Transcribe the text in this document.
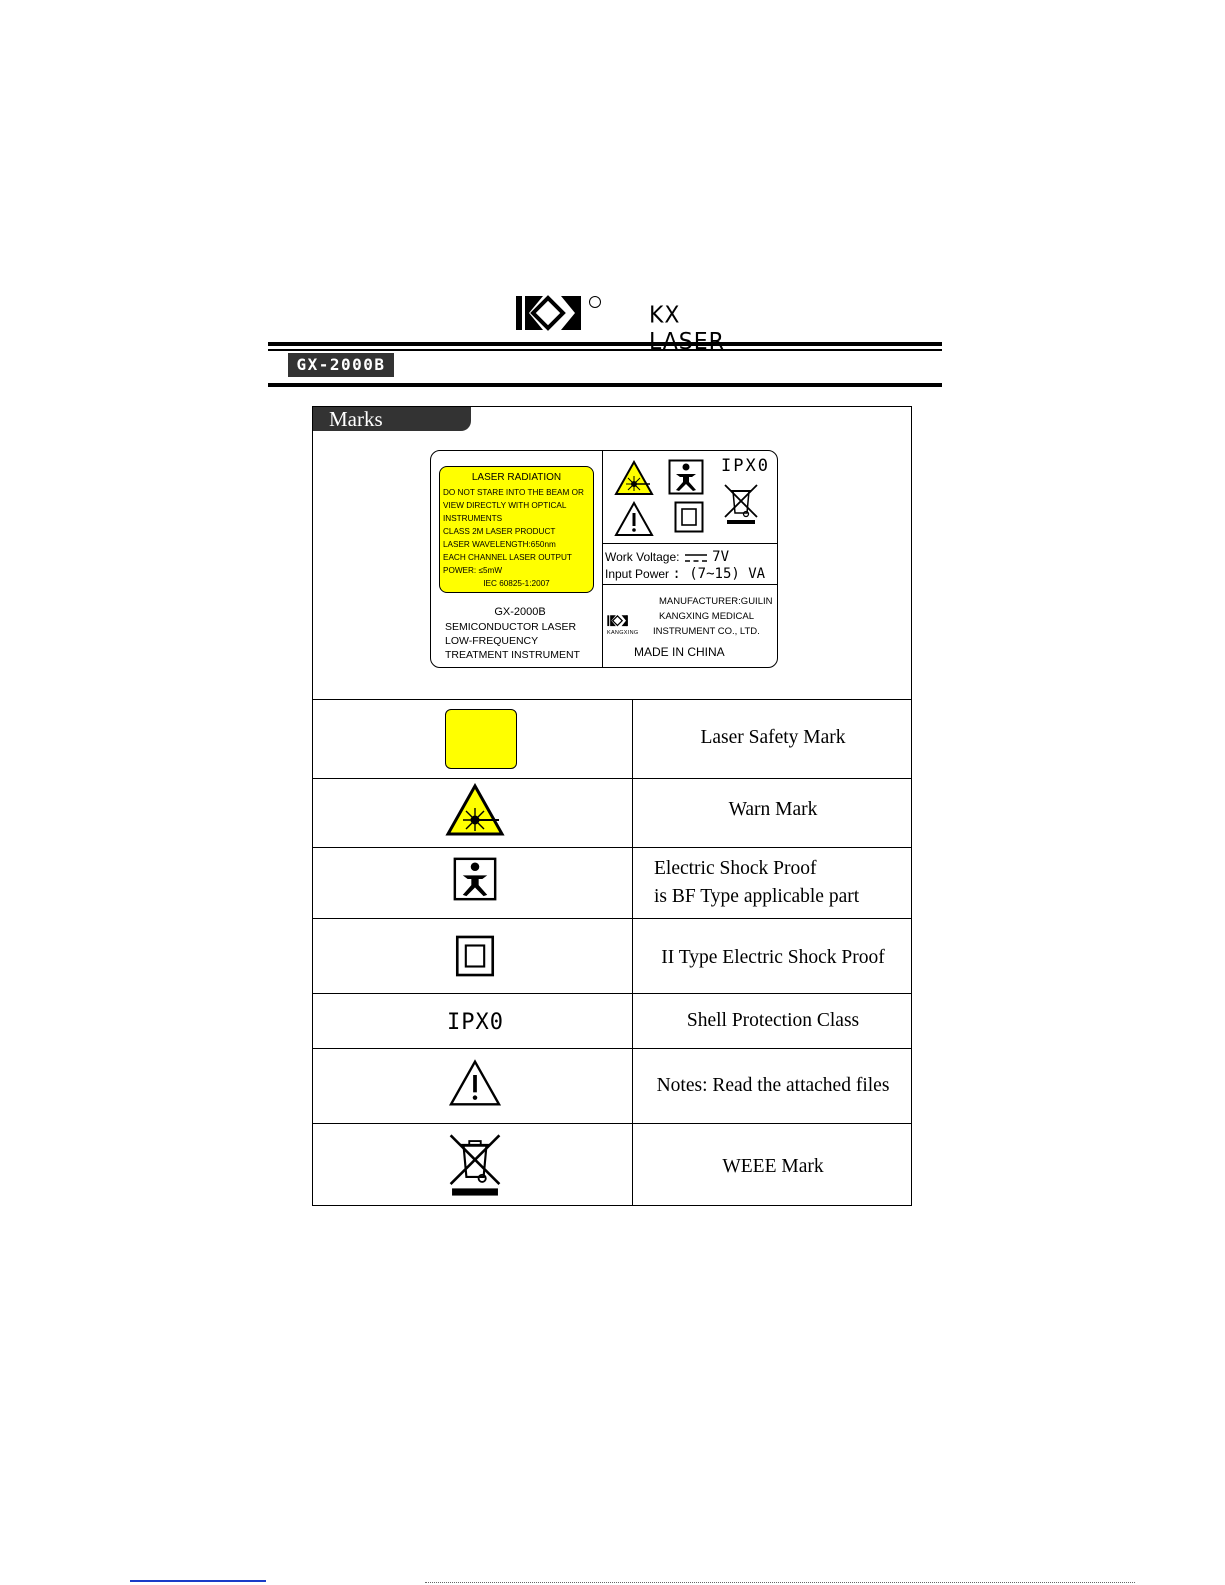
KX
GX-2000B
Marks
LASER RADIATION
DO NOT STARE INTO THE BEAM OR
VIEW DIRECTLY WITH OPTICAL
INSTRUMENTS
CLASS 2M LASER PRODUCT
LASER WAVELENGTH:650nm
EACH CHANNEL LASER OUTPUT
POWER: ≤5mW
IEC 60825-1:2007
GX-2000B
SEMICONDUCTOR LASER
LOW-FREQUENCY
TREATMENT INSTRUMENT
IPX0
Work Voltage: 7V
Input Power : (7~15) VA
MANUFACTURER:GUILIN
KANGXING MEDICAL
INSTRUMENT CO., LTD.
KANGXING
MADE IN CHINA
Laser Safety Mark
Warn Mark
Electric Shock Proof
is BF Type applicable part
II Type Electric Shock Proof
IPX0	Shell Protection Class
Notes: Read the attached files
WEEE Mark
